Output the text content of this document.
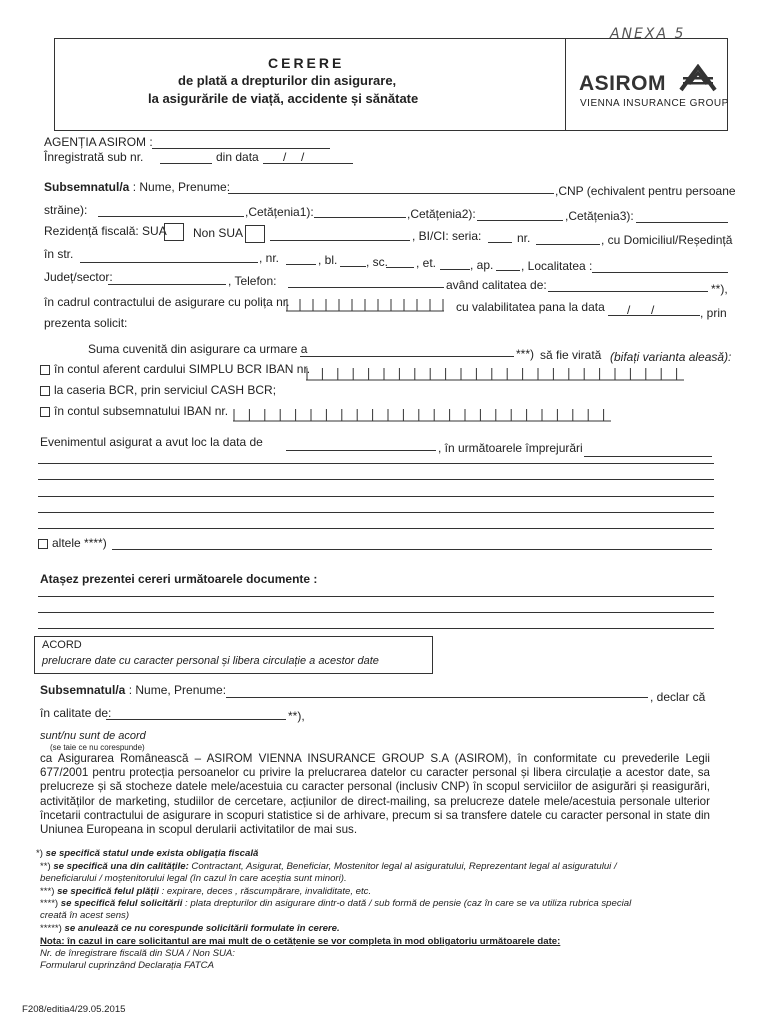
ANEXA 5
CERERE
de plată a drepturilor din asigurare,
la asigurările de viață, accidente și sănătate
ASIROM
VIENNA INSURANCE GROUP
AGENȚIA ASIROM :
Înregistrată sub nr.	din data / /
Subsemnatul/a : Nume, Prenume:	,CNP (echivalent pentru persoane
străine):	,Cetățenia1):	,Cetățenia2):	,Cetățenia3):
Rezidență fiscală: SUA Non SUA	, BI/CI: seria:	nr.	, cu Domiciliul/Reședință
în str.	, nr.	, bl. , sc. , et.	, ap. , Localitatea :
Județ/sector:	, Telefon:	având calitatea de:	**),
în cadrul contractului de asigurare cu polița nr.	cu valabilitatea pana la data / /	, prin
prezenta solicit:
Suma cuvenită din asigurare ca urmare a	***) să fie virată (bifați varianta aleasă):
în contul aferent cardului SIMPLU BCR IBAN nr.
la caseria BCR, prin serviciul CASH BCR;
în contul subsemnatului IBAN nr.
Evenimentul asigurat a avut loc la data de	, în următoarele împrejurări
altele ****)
Atașez prezentei cereri următoarele documente :
ACORD
prelucrare date cu caracter personal și libera circulație a acestor date
Subsemnatul/a : Nume, Prenume:	, declar că
în calitate de:	**),
sunt/nu sunt de acord
(se taie ce nu corespunde)
ca Asigurarea Românească – ASIROM VIENNA INSURANCE GROUP S.A (ASIROM), în conformitate cu prevederile Legii 677/2001 pentru protecția persoanelor cu privire la prelucrarea datelor cu caracter personal și libera circulație a acestor date, sa prelucreze și să stocheze datele mele/acestuia cu caracter personal (inclusiv CNP) în scopul serviciilor de asigurări și reasigurări, activităților de marketing, studiilor de cercetare, acțiunilor de direct-mailing, sa prelucreze datele mele/acestuia personale ulterior încetarii contractului de asigurare in scopuri statistice si de arhivare, precum si sa transfere datele cu caracter personal in state din Uniunea Europeana in scopul derularii activitatilor de mai sus.
*) se specifică statul unde exista obligația fiscală
**) se specifică una din calitățile: Contractant, Asigurat, Beneficiar, Mostenitor legal al asiguratului, Reprezentant legal al asiguratului /
beneficiarului / moștenitorului legal (în cazul în care aceștia sunt minori).
***) se specifică felul plății : expirare, deces , răscumpărare, invaliditate, etc.
****) se specifică felul solicitării : plata drepturilor din asigurare dintr-o dată / sub formă de pensie (caz în care se va utiliza rubrica special
creată în acest sens)
*****) se anulează ce nu corespunde solicitării formulate în cerere.
Nota: în cazul in care solicitantul are mai mult de o cetățenie se vor completa în mod obligatoriu următoarele date:
Nr. de înregistrare fiscală din SUA / Non SUA:
Formularul cuprinzând Declarația FATCA
F208/editia4/29.05.2015
